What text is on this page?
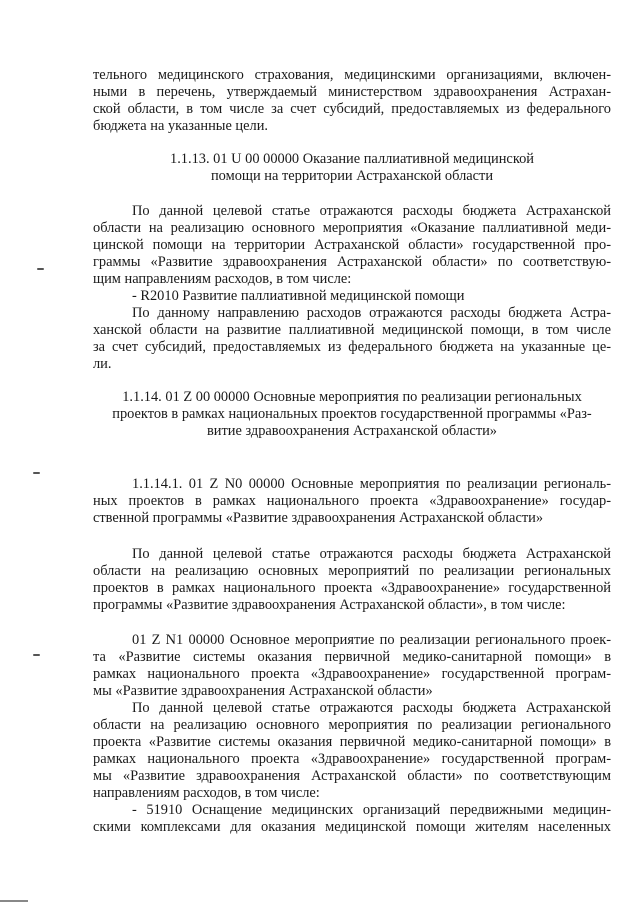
тельного медицинского страхования, медицинскими организациями, включен-
ными в перечень, утверждаемый министерством здравоохранения Астрахан-
ской области, в том числе за счет субсидий, предоставляемых из федерального
бюджета на указанные цели.
1.1.13. 01 U 00 00000 Оказание паллиативной медицинской
помощи на территории Астраханской области
По данной целевой статье отражаются расходы бюджета Астраханской
области на реализацию основного мероприятия «Оказание паллиативной меди-
цинской помощи на территории Астраханской области» государственной про-
граммы «Развитие здравоохранения Астраханской области» по соответствую-
щим направлениям расходов, в том числе:
- R2010 Развитие паллиативной медицинской помощи
По данному направлению расходов отражаются расходы бюджета Астра-
ханской области на развитие паллиативной медицинской помощи, в том числе
за счет субсидий, предоставляемых из федерального бюджета на указанные це-
ли.
1.1.14. 01 Z 00 00000 Основные мероприятия по реализации региональных
проектов в рамках национальных проектов государственной программы «Раз-
витие здравоохранения Астраханской области»
1.1.14.1. 01 Z N0 00000 Основные мероприятия по реализации региональ-
ных проектов в рамках национального проекта «Здравоохранение» государ-
ственной программы «Развитие здравоохранения Астраханской области»
По данной целевой статье отражаются расходы бюджета Астраханской
области на реализацию основных мероприятий по реализации региональных
проектов в рамках национального проекта «Здравоохранение» государственной
программы «Развитие здравоохранения Астраханской области», в том числе:
01 Z N1 00000 Основное мероприятие по реализации регионального проек-
та «Развитие системы оказания первичной медико-санитарной помощи» в
рамках национального проекта «Здравоохранение» государственной програм-
мы «Развитие здравоохранения Астраханской области»
По данной целевой статье отражаются расходы бюджета Астраханской
области на реализацию основного мероприятия по реализации регионального
проекта «Развитие системы оказания первичной медико-санитарной помощи» в
рамках национального проекта «Здравоохранение» государственной програм-
мы «Развитие здравоохранения Астраханской области» по соответствующим
направлениям расходов, в том числе:
- 51910 Оснащение медицинских организаций передвижными медицин-
скими комплексами для оказания медицинской помощи жителям населенных
